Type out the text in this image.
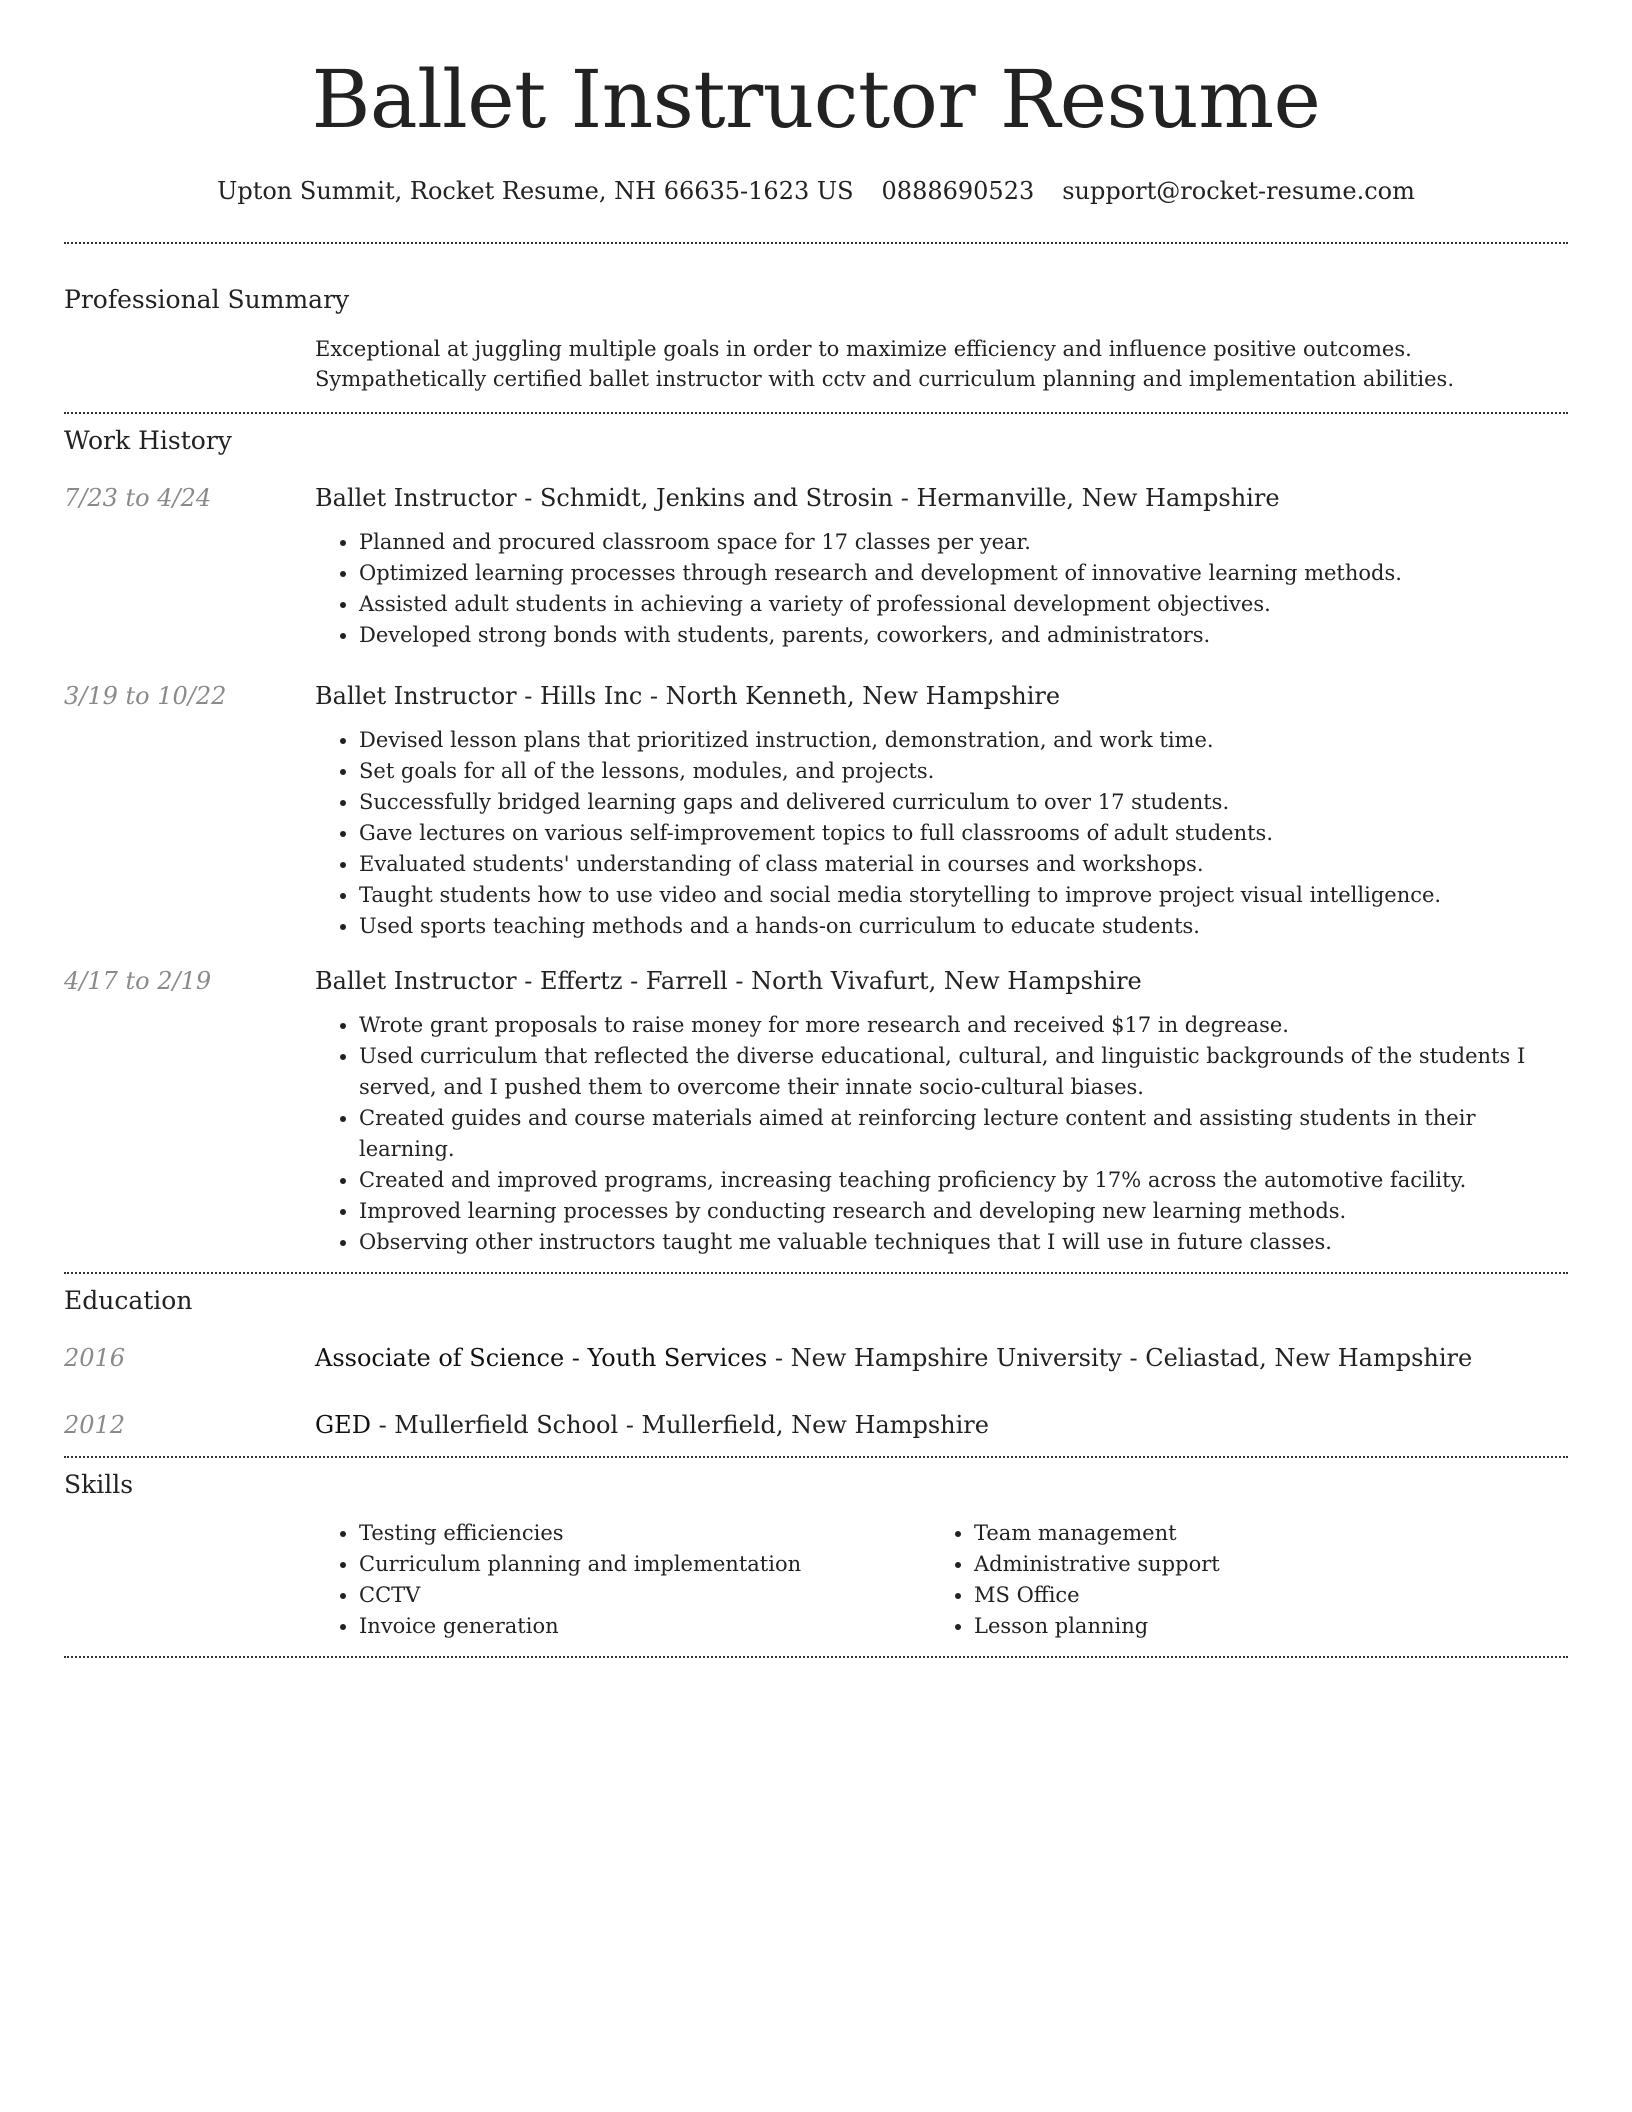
Ballet Instructor Resume
Upton Summit, Rocket Resume, NH 66635-1623 US 0888690523 support@rocket-resume.com
Professional Summary
Exceptional at juggling multiple goals in order to maximize efficiency and influence positive outcomes. Sympathetically certified ballet instructor with cctv and curriculum planning and implementation abilities.
Work History
7/23 to 4/24	Ballet Instructor - Schmidt, Jenkins and Strosin - Hermanville, New Hampshire
• Planned and procured classroom space for 17 classes per year.
• Optimized learning processes through research and development of innovative learning methods.
• Assisted adult students in achieving a variety of professional development objectives.
• Developed strong bonds with students, parents, coworkers, and administrators.
3/19 to 10/22	Ballet Instructor - Hills Inc - North Kenneth, New Hampshire
• Devised lesson plans that prioritized instruction, demonstration, and work time.
• Set goals for all of the lessons, modules, and projects.
• Successfully bridged learning gaps and delivered curriculum to over 17 students.
• Gave lectures on various self-improvement topics to full classrooms of adult students.
• Evaluated students' understanding of class material in courses and workshops.
• Taught students how to use video and social media storytelling to improve project visual intelligence.
• Used sports teaching methods and a hands-on curriculum to educate students.
4/17 to 2/19	Ballet Instructor - Effertz - Farrell - North Vivafurt, New Hampshire
• Wrote grant proposals to raise money for more research and received $17 in degrease.
• Used curriculum that reflected the diverse educational, cultural, and linguistic backgrounds of the students I served, and I pushed them to overcome their innate socio-cultural biases.
• Created guides and course materials aimed at reinforcing lecture content and assisting students in their learning.
• Created and improved programs, increasing teaching proficiency by 17% across the automotive facility.
• Improved learning processes by conducting research and developing new learning methods.
• Observing other instructors taught me valuable techniques that I will use in future classes.
Education
2016	Associate of Science - Youth Services - New Hampshire University - Celiastad, New Hampshire
2012	GED - Mullerfield School - Mullerfield, New Hampshire
Skills
• Testing efficiencies
• Curriculum planning and implementation
• CCTV
• Invoice generation
• Team management
• Administrative support
• MS Office
• Lesson planning
